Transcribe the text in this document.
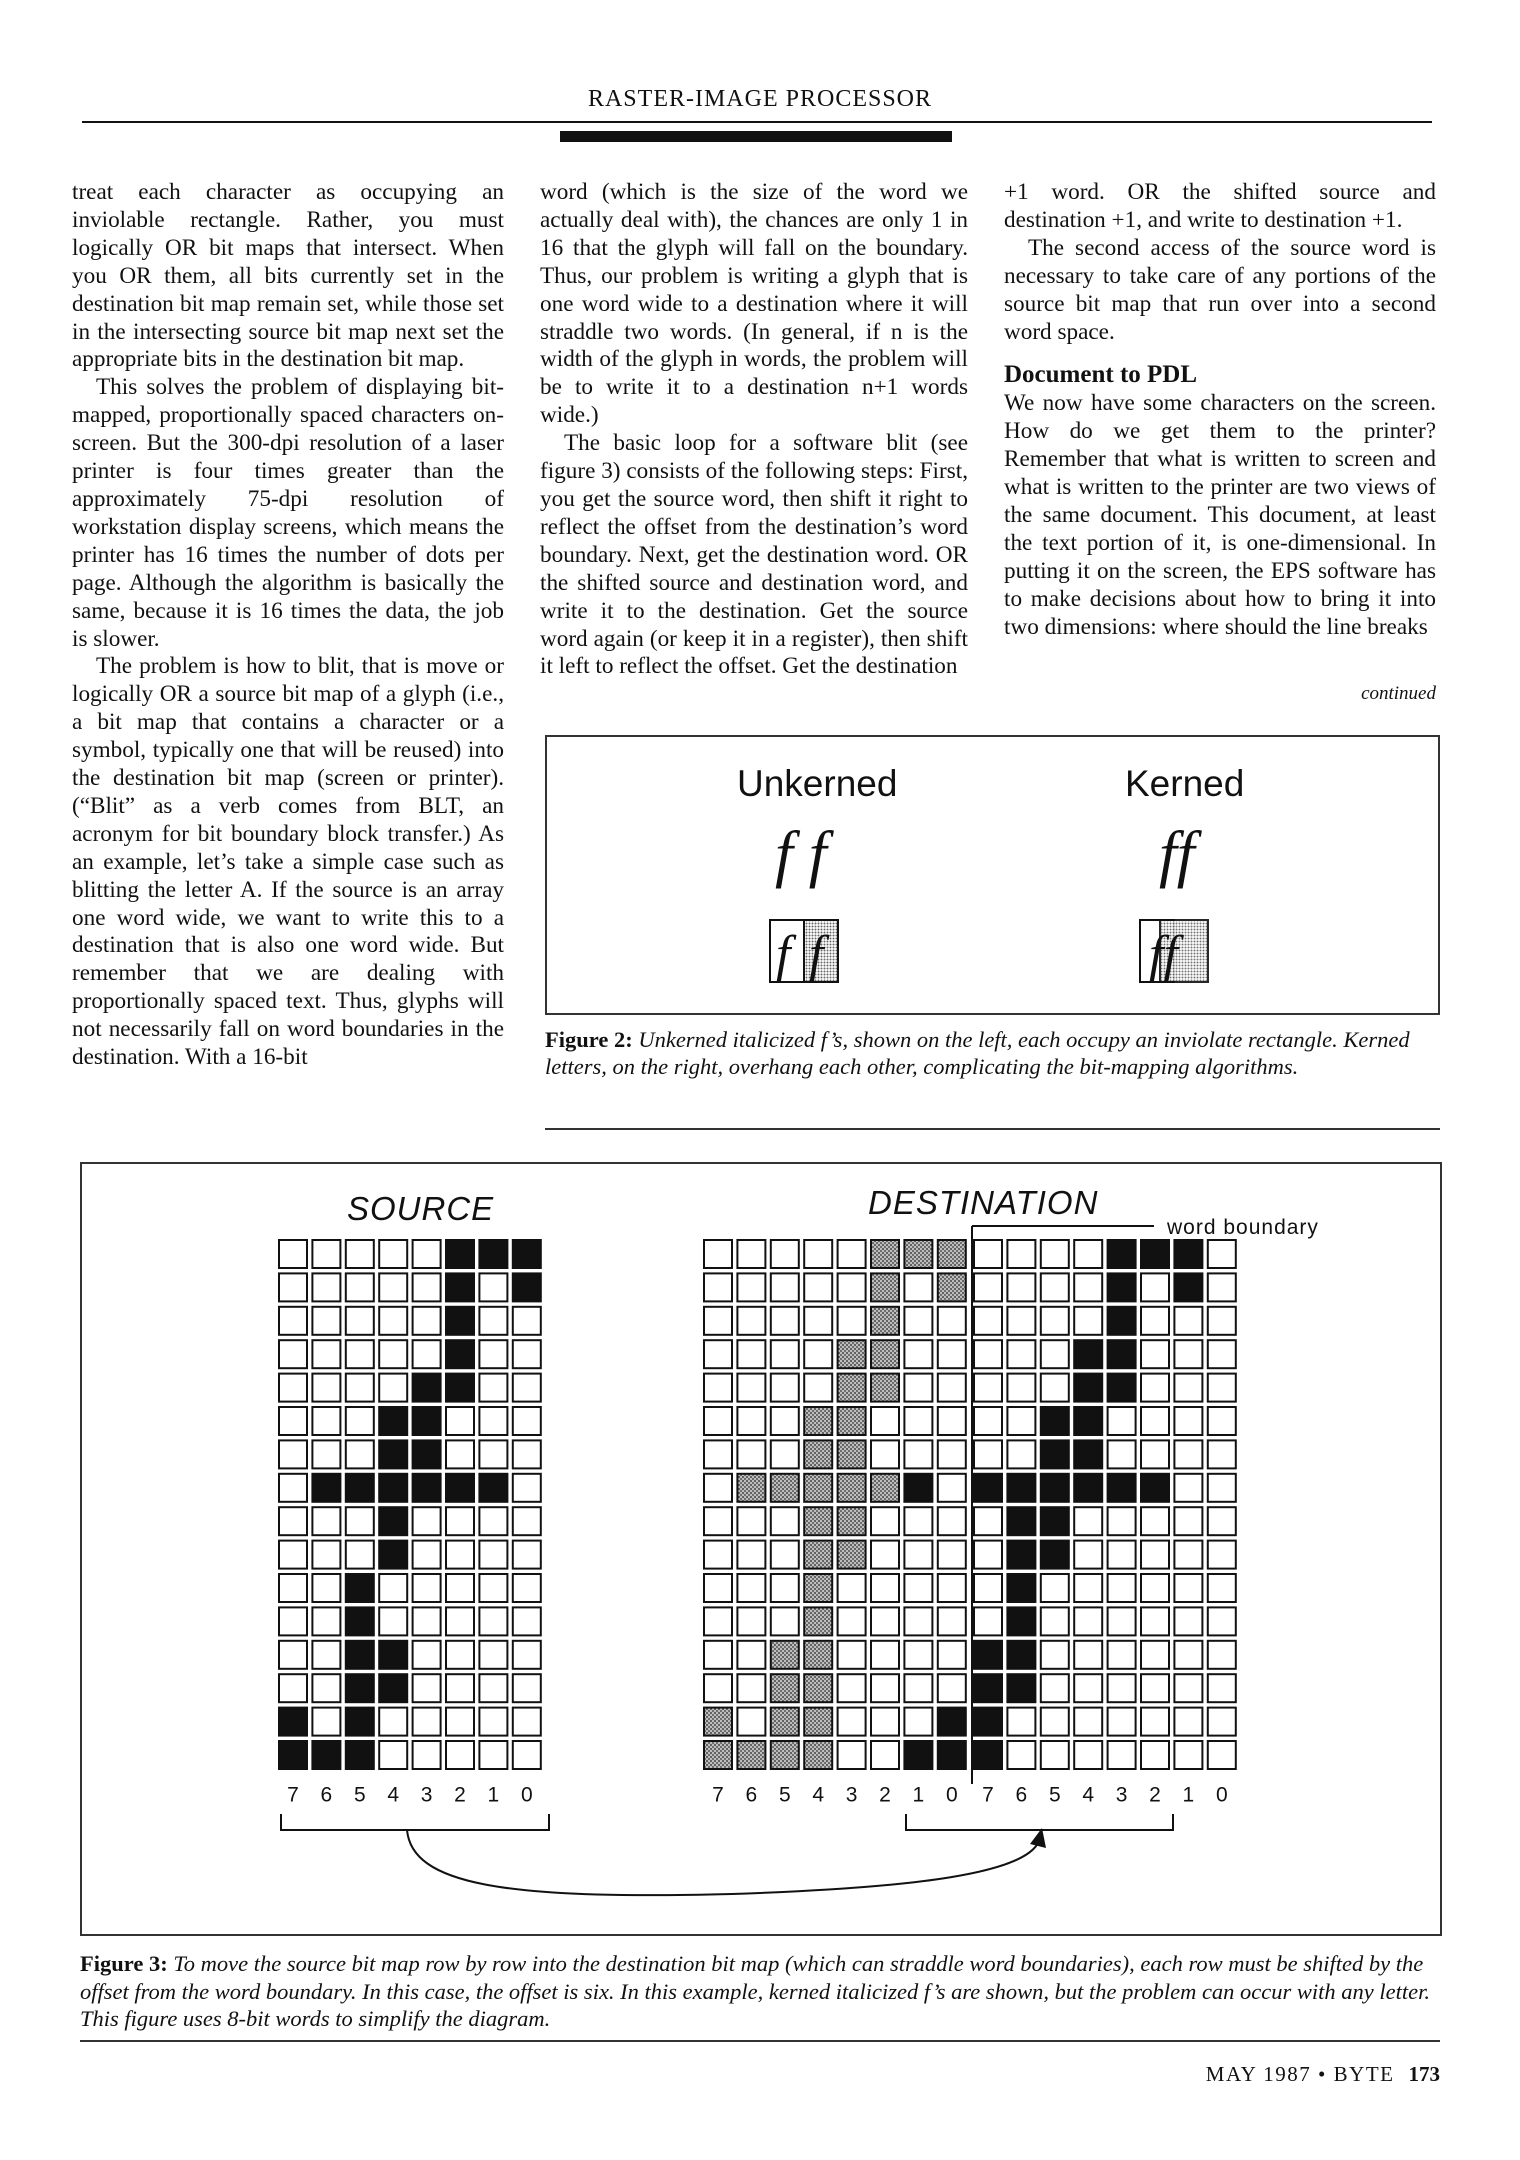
RASTER-IMAGE PROCESSOR

treat each character as occupying an inviolable rectangle. Rather, you must logically OR bit maps that intersect. When you OR them, all bits currently set in the destination bit map remain set, while those set in the intersecting source bit map next set the appropriate bits in the destination bit map.

This solves the problem of displaying bit-mapped, proportionally spaced characters on-screen. But the 300-dpi resolution of a laser printer is four times greater than the approximately 75-dpi resolution of workstation display screens, which means the printer has 16 times the number of dots per page. Although the algorithm is basically the same, because it is 16 times the data, the job is slower.

The problem is how to blit, that is move or logically OR a source bit map of a glyph (i.e., a bit map that contains a character or a symbol, typically one that will be reused) into the destination bit map (screen or printer). (“Blit” as a verb comes from BLT, an acronym for bit boundary block transfer.) As an example, let’s take a simple case such as blitting the letter A. If the source is an array one word wide, we want to write this to a destination that is also one word wide. But remember that we are dealing with proportionally spaced text. Thus, glyphs will not necessarily fall on word boundaries in the destination. With a 16-bit

word (which is the size of the word we actually deal with), the chances are only 1 in 16 that the glyph will fall on the boundary. Thus, our problem is writing a glyph that is one word wide to a destination where it will straddle two words. (In general, if n is the width of the glyph in words, the problem will be to write it to a destination n+1 words wide.)

The basic loop for a software blit (see figure 3) consists of the following steps: First, you get the source word, then shift it right to reflect the offset from the destination’s word boundary. Next, get the destination word. OR the shifted source and destination word, and write it to the destination. Get the source word again (or keep it in a register), then shift it left to reflect the offset. Get the destination

+1 word. OR the shifted source and destination +1, and write to destination +1.

The second access of the source word is necessary to take care of any portions of the source bit map that run over into a second word space.

Document to PDL

We now have some characters on the screen. How do we get them to the printer? Remember that what is written to screen and what is written to the printer are two views of the same document. This document, at least the text portion of it, is one-dimensional. In putting it on the screen, the EPS software has to make decisions about how to bring it into two dimensions: where should the line breaks

continued
Unkerned	Kerned
f f	ff
f f	ff
Figure 2: Unkerned italicized f’s, shown on the left, each occupy an inviolate rectangle. Kerned letters, on the right, overhang each other, complicating the bit-mapping algorithms.
SOURCE	DESTINATION
word boundary
7 6 5 4 3 2 1 0	7 6 5 4 3 2 1 0 7 6 5 4 3 2 1 0
Figure 3: To move the source bit map row by row into the destination bit map (which can straddle word boundaries), each row must be shifted by the offset from the word boundary. In this case, the offset is six. In this example, kerned italicized f’s are shown, but the problem can occur with any letter. This figure uses 8-bit words to simplify the diagram.
MAY 1987 • BYTE 173
